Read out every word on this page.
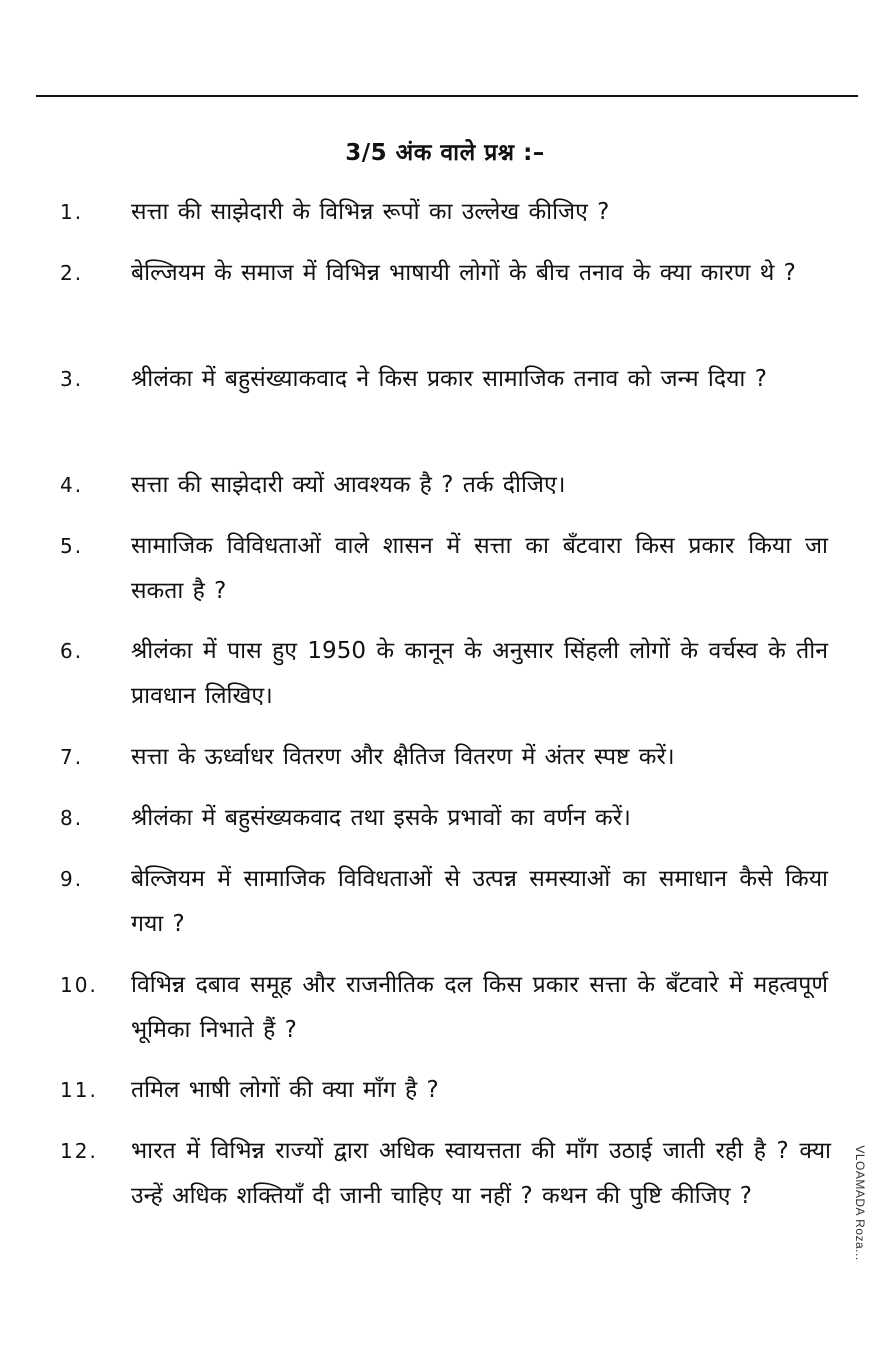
3/5 अंक वाले प्रश्न :–
1. सत्ता की साझेदारी के विभिन्न रूपों का उल्लेख कीजिए ?
2. बेल्जियम के समाज में विभिन्न भाषायी लोगों के बीच तनाव के क्या कारण थे ?
3. श्रीलंका में बहुसंख्याकवाद ने किस प्रकार सामाजिक तनाव को जन्म दिया ?
4. सत्ता की साझेदारी क्यों आवश्यक है ? तर्क दीजिए।
5. सामाजिक विविधताओं वाले शासन में सत्ता का बँटवारा किस प्रकार किया जा सकता है ?
6. श्रीलंका में पास हुए 1950 के कानून के अनुसार सिंहली लोगों के वर्चस्व के तीन प्रावधान लिखिए।
7. सत्ता के ऊर्ध्वाधर वितरण और क्षैतिज वितरण में अंतर स्पष्ट करें।
8. श्रीलंका में बहुसंख्यकवाद तथा इसके प्रभावों का वर्णन करें।
9. बेल्जियम में सामाजिक विविधताओं से उत्पन्न समस्याओं का समाधान कैसे किया गया ?
10. विभिन्न दबाव समूह और राजनीतिक दल किस प्रकार सत्ता के बँटवारे में महत्वपूर्ण भूमिका निभाते हैं ?
11. तमिल भाषी लोगों की क्या माँग है ?
12. भारत में विभिन्न राज्यों द्वारा अधिक स्वायत्तता की माँग उठाई जाती रही है ? क्या उन्हें अधिक शक्तियाँ दी जानी चाहिए या नहीं ? कथन की पुष्टि कीजिए ?	VLOAMADA Roza...
